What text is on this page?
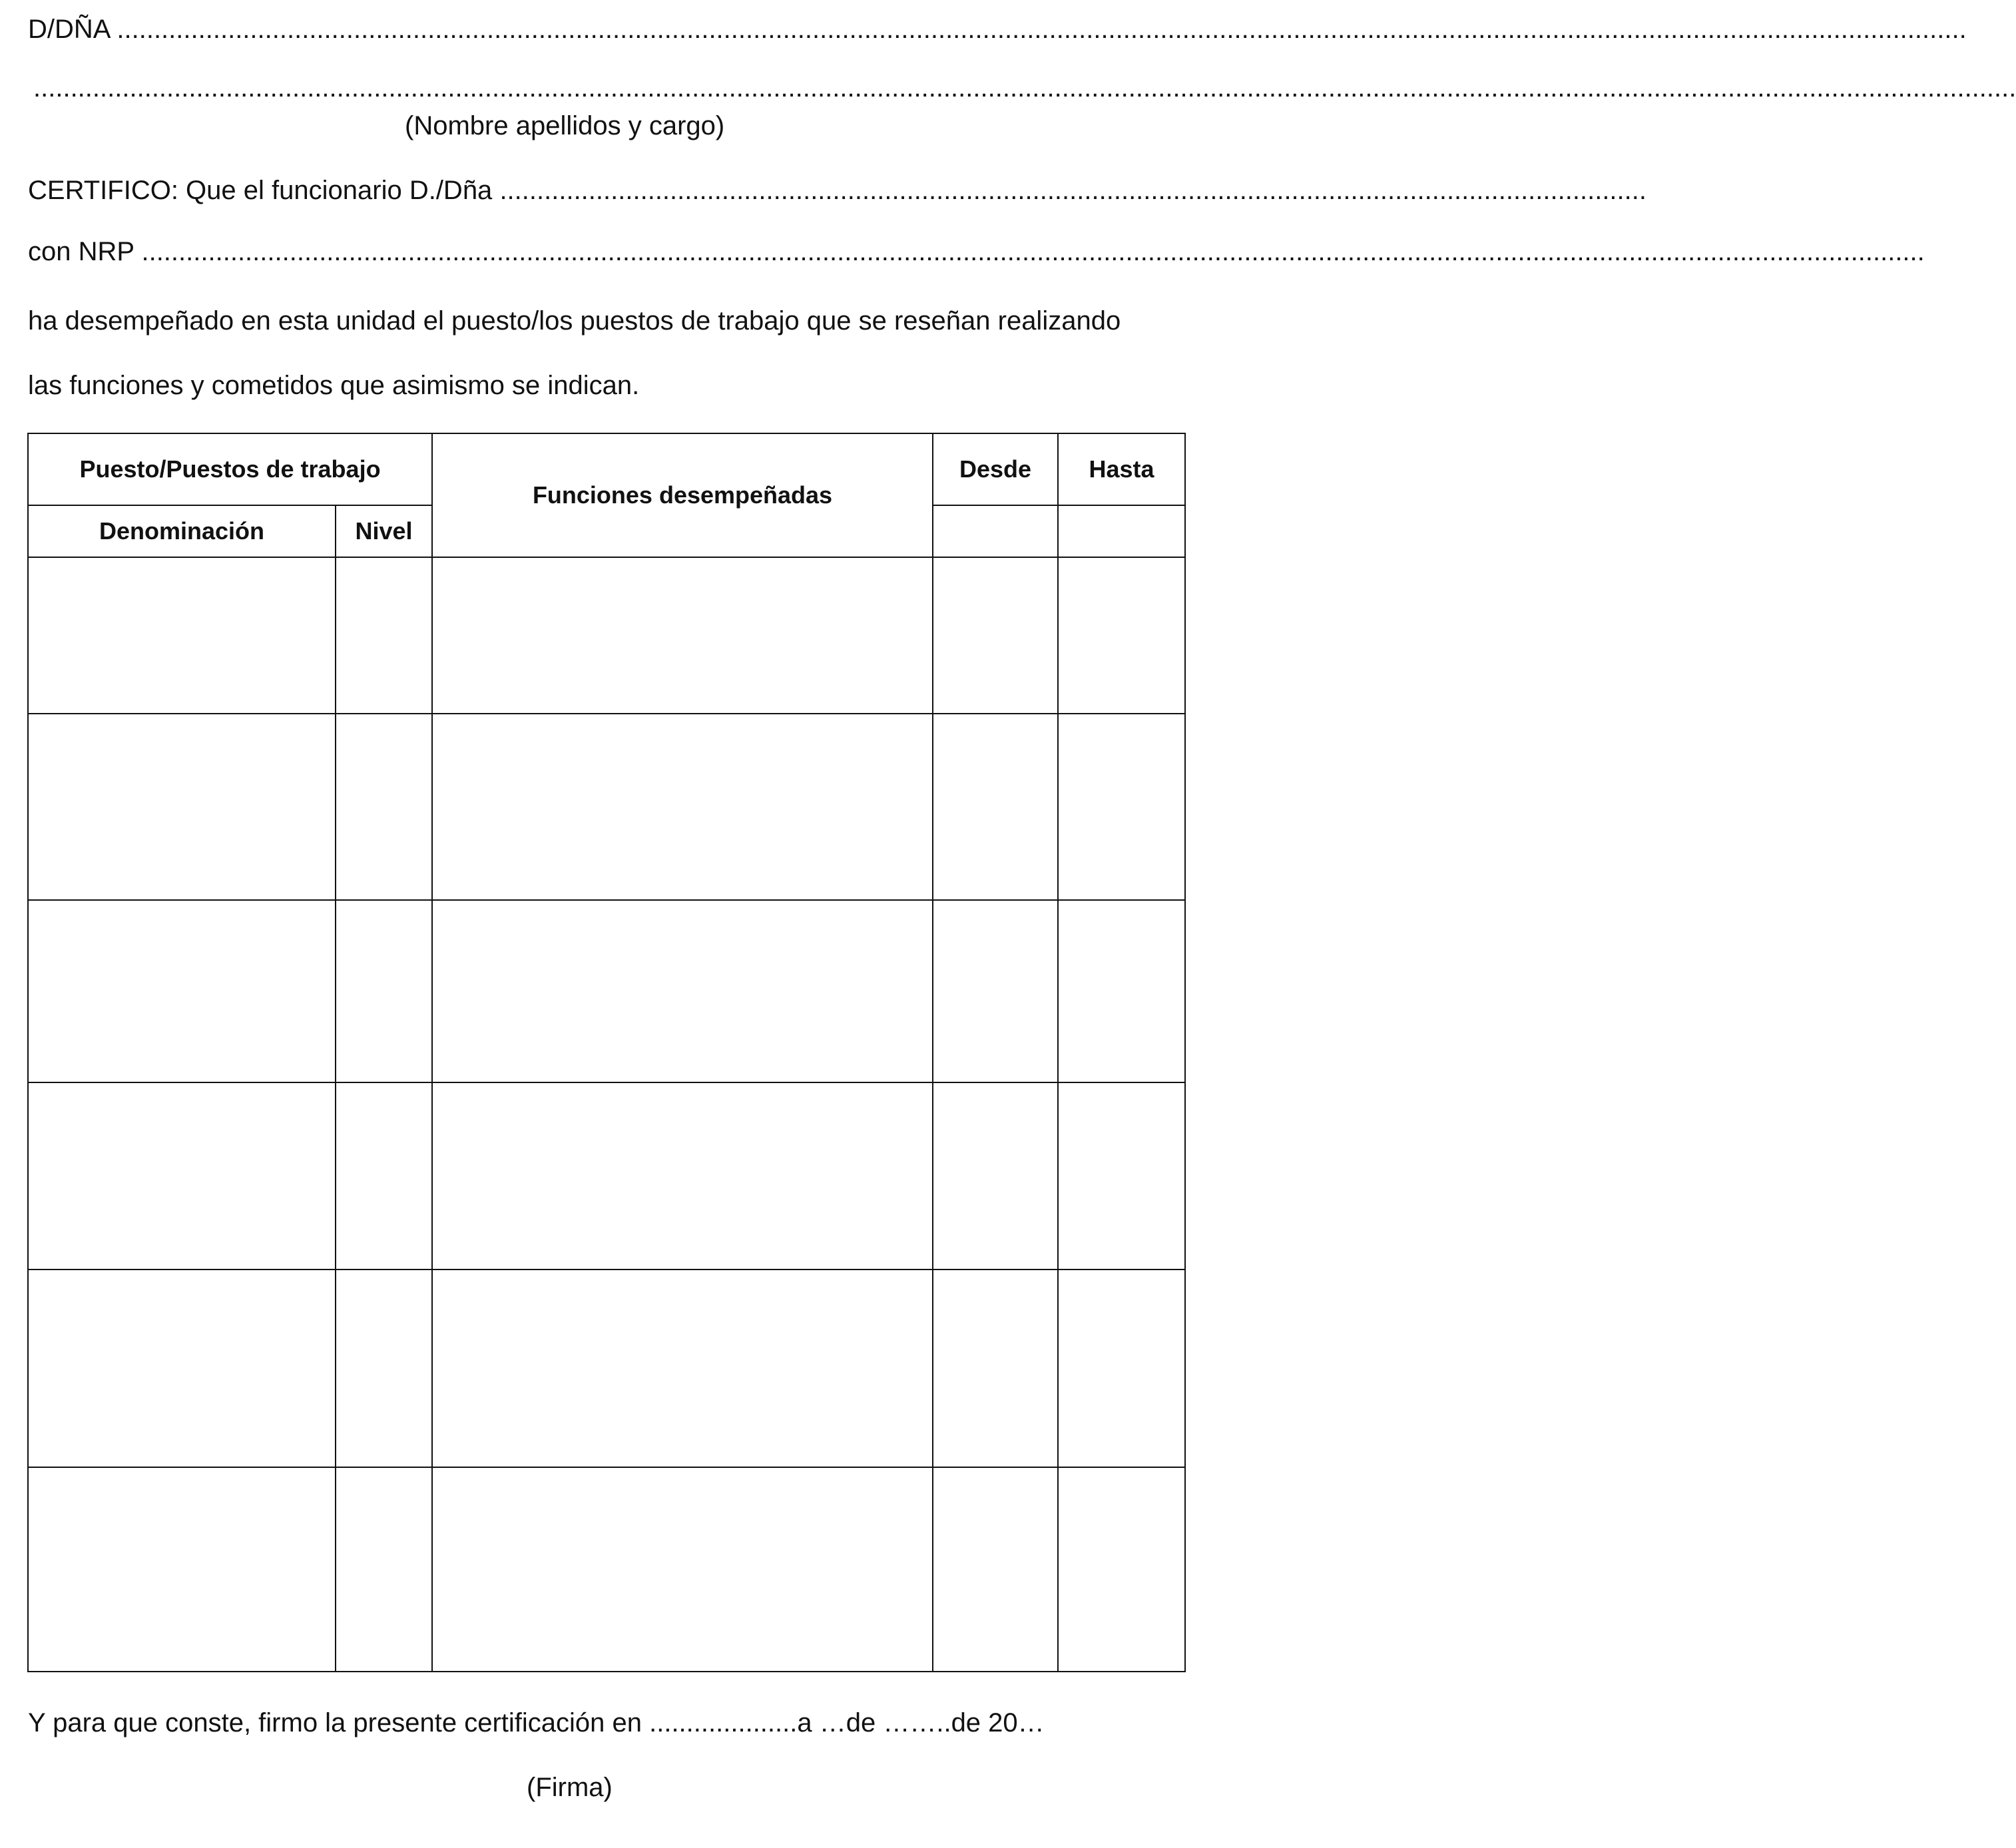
D/DÑA ..........................................................................................................................................................................................................................................................
............................................................................................................................................................................................................................................................................
(Nombre apellidos y cargo)
CERTIFICO: Que el funcionario D./Dña ...........................................................................................................................................................
con NRP .................................................................................................................................................................................................................................................
ha desempeñado en esta unidad el puesto/los puestos de trabajo que se reseñan realizando
las funciones y cometidos que asimismo se indican.
Puesto/Puestos de trabajo		Funciones desempeñadas	Desde	Hasta
Denominación	Nivel			

Y para que conste, firmo la presente certificación en ....................a …de ……..de 20…
(Firma)
